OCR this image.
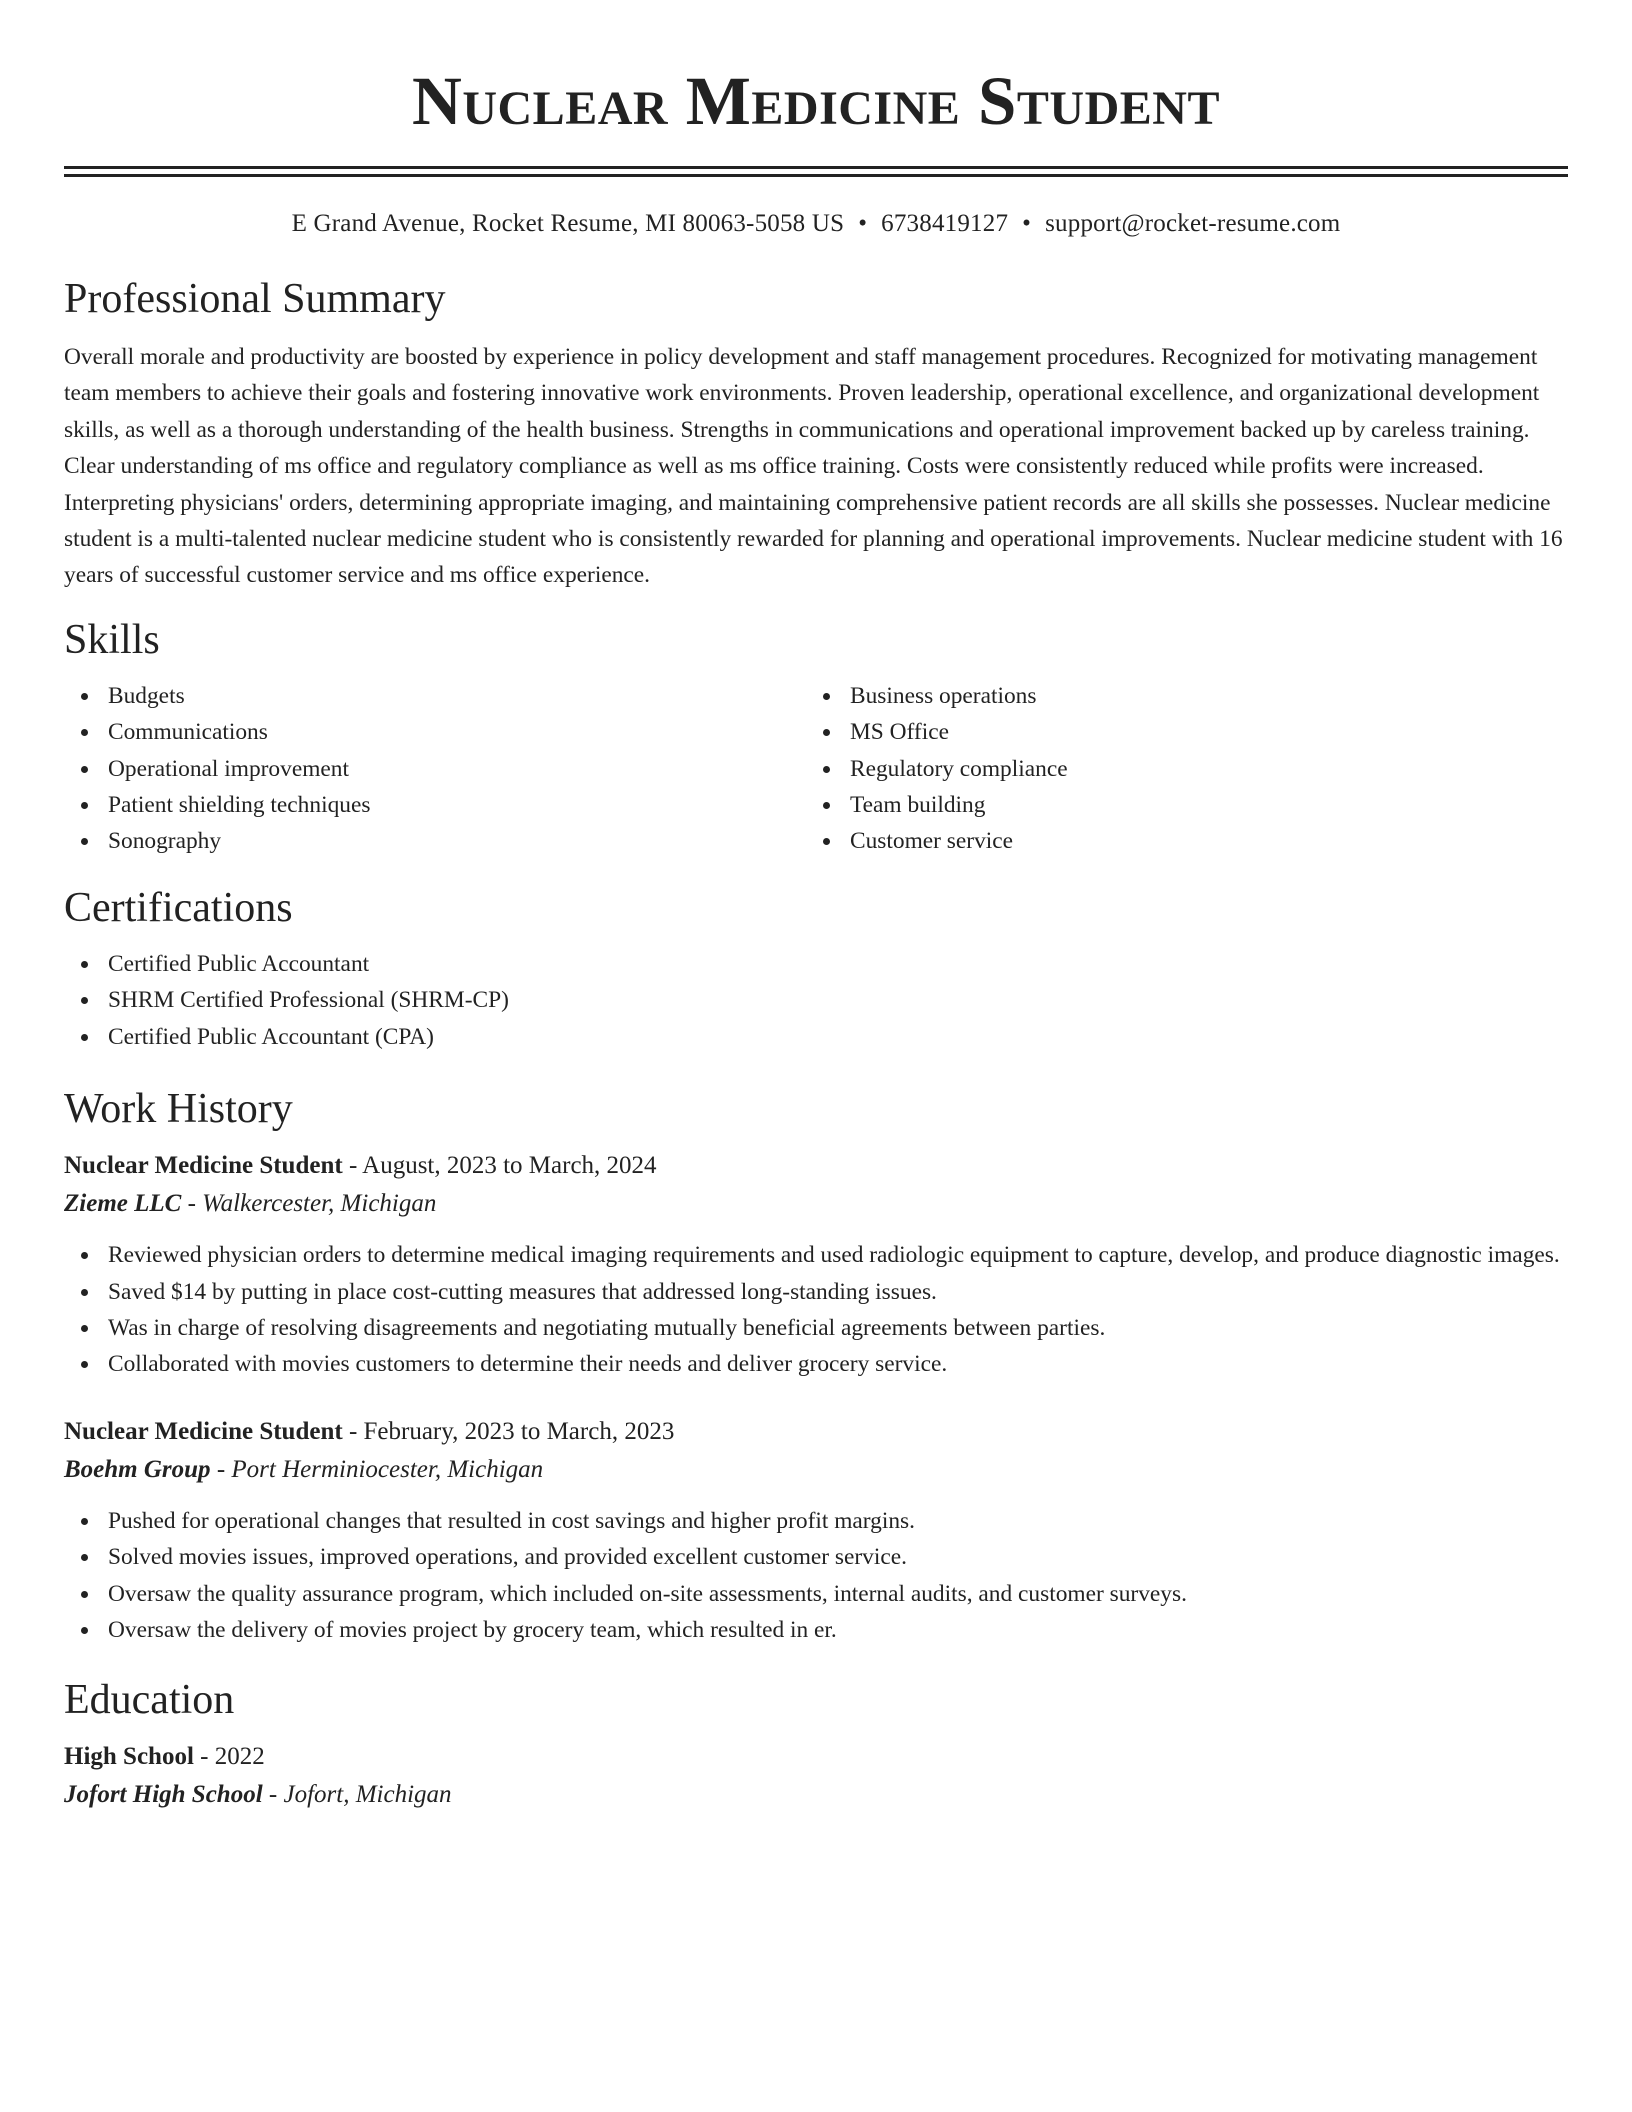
Nuclear Medicine Student
E Grand Avenue, Rocket Resume, MI 80063-5058 US • 6738419127 • support@rocket-resume.com
Professional Summary

Overall morale and productivity are boosted by experience in policy development and staff management procedures. Recognized for motivating management team members to achieve their goals and fostering innovative work environments. Proven leadership, operational excellence, and organizational development skills, as well as a thorough understanding of the health business. Strengths in communications and operational improvement backed up by careless training. Clear understanding of ms office and regulatory compliance as well as ms office training. Costs were consistently reduced while profits were increased. Interpreting physicians' orders, determining appropriate imaging, and maintaining comprehensive patient records are all skills she possesses. Nuclear medicine student is a multi-talented nuclear medicine student who is consistently rewarded for planning and operational improvements. Nuclear medicine student with 16 years of successful customer service and ms office experience.

Skills
Budgets
Communications
Operational improvement
Patient shielding techniques
Sonography
Business operations
MS Office
Regulatory compliance
Team building
Customer service
Certifications
Certified Public Accountant
SHRM Certified Professional (SHRM-CP)
Certified Public Accountant (CPA)
Work History
Nuclear Medicine Student - August, 2023 to March, 2024
Zieme LLC - Walkercester, Michigan
Reviewed physician orders to determine medical imaging requirements and used radiologic equipment to capture, develop, and produce diagnostic images.
Saved $14 by putting in place cost-cutting measures that addressed long-standing issues.
Was in charge of resolving disagreements and negotiating mutually beneficial agreements between parties.
Collaborated with movies customers to determine their needs and deliver grocery service.
Nuclear Medicine Student - February, 2023 to March, 2023
Boehm Group - Port Herminiocester, Michigan
Pushed for operational changes that resulted in cost savings and higher profit margins.
Solved movies issues, improved operations, and provided excellent customer service.
Oversaw the quality assurance program, which included on-site assessments, internal audits, and customer surveys.
Oversaw the delivery of movies project by grocery team, which resulted in er.
Education
High School - 2022
Jofort High School - Jofort, Michigan
